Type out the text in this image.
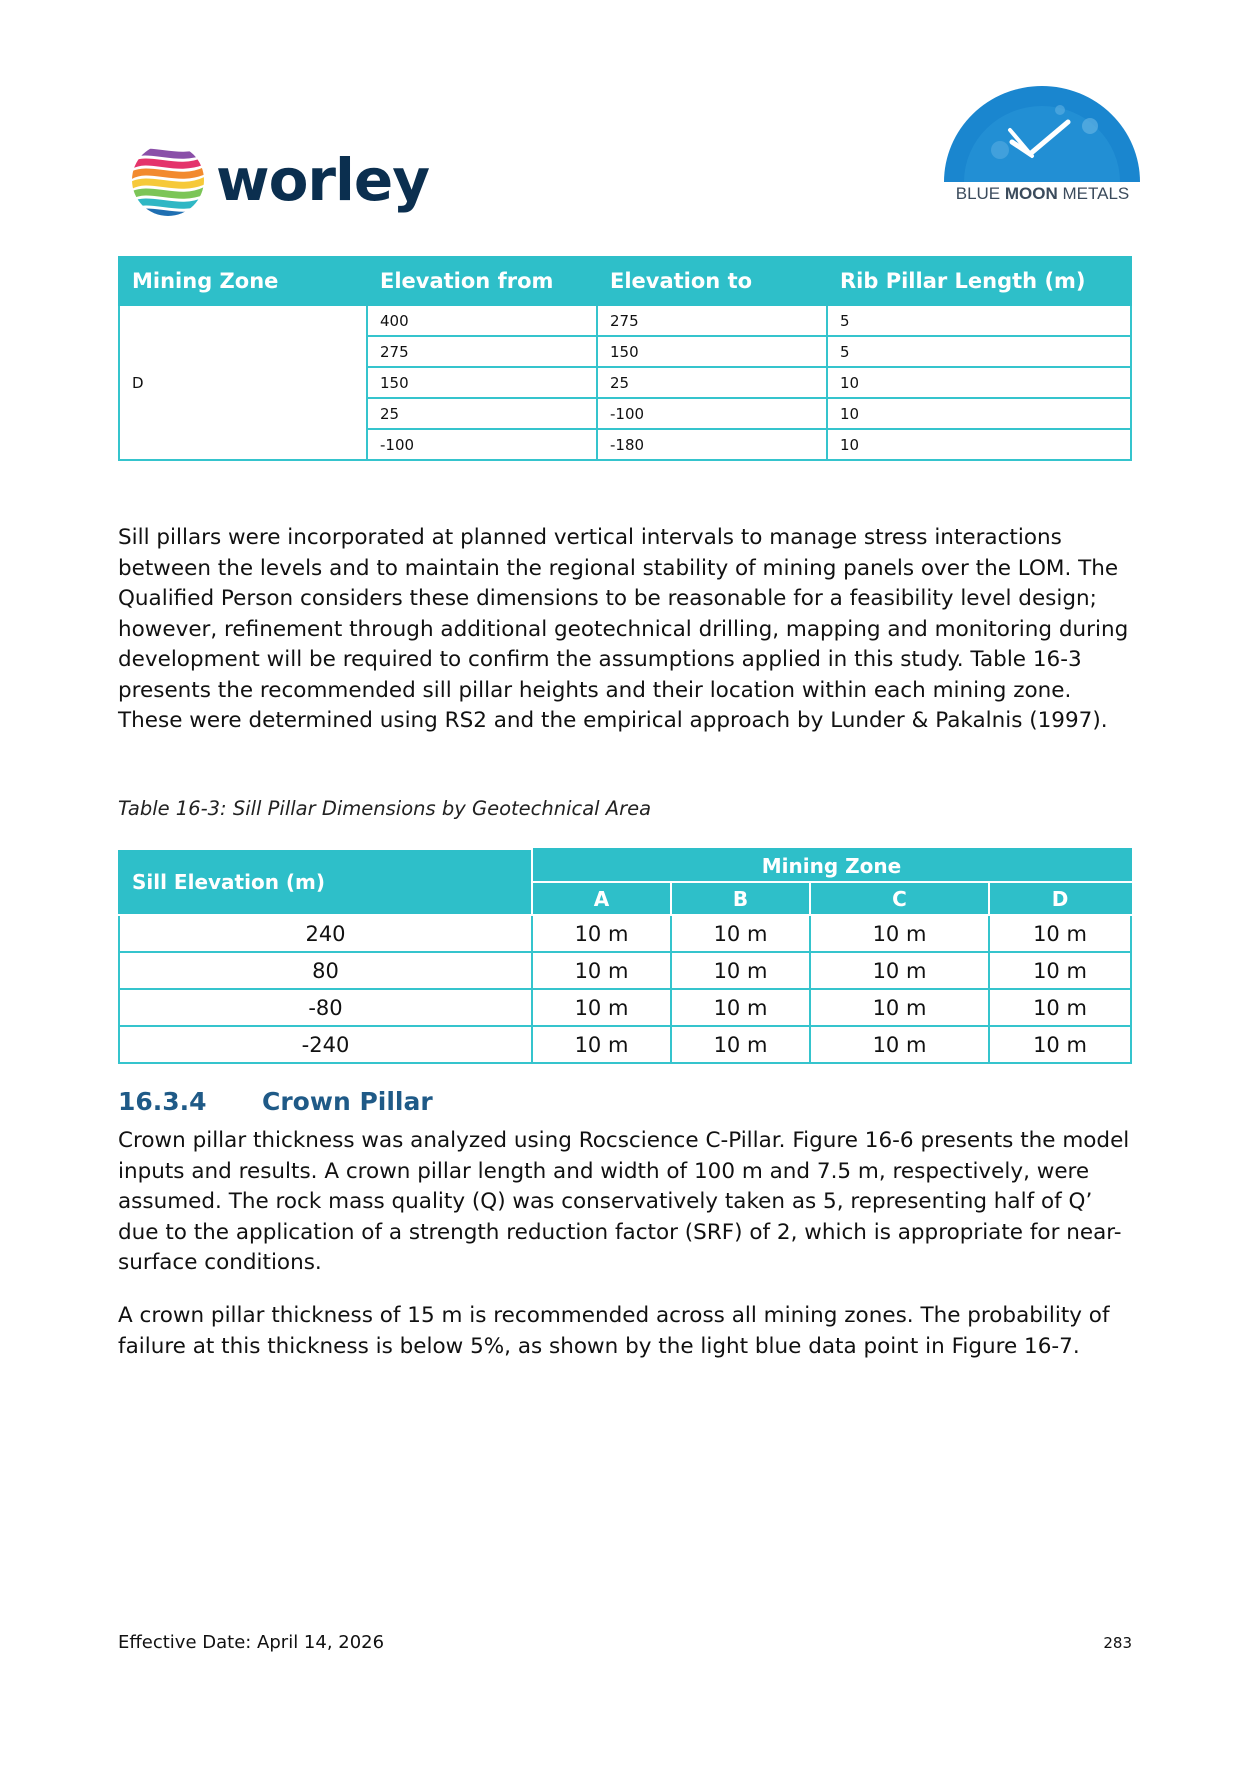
worley	BLUE MOON METALS
Mining Zone	Elevation from	Elevation to	Rib Pillar Length (m)
D	400	275	5
	275	150	5
	150	25	10
	25	-100	10
	-100	-180	10

Sill pillars were incorporated at planned vertical intervals to manage stress interactions between the levels and to maintain the regional stability of mining panels over the LOM. The Qualified Person considers these dimensions to be reasonable for a feasibility level design; however, refinement through additional geotechnical drilling, mapping and monitoring during development will be required to confirm the assumptions applied in this study. Table 16-3 presents the recommended sill pillar heights and their location within each mining zone. These were determined using RS2 and the empirical approach by Lunder & Pakalnis (1997).

Table 16-3: Sill Pillar Dimensions by Geotechnical Area
Sill Elevation (m)	Mining Zone			
	A	B	C	D
240	10 m	10 m	10 m	10 m
80	10 m	10 m	10 m	10 m
-80	10 m	10 m	10 m	10 m
-240	10 m	10 m	10 m	10 m
16.3.4 Crown Pillar

Crown pillar thickness was analyzed using Rocscience C-Pillar. Figure 16-6 presents the model inputs and results. A crown pillar length and width of 100 m and 7.5 m, respectively, were assumed. The rock mass quality (Q) was conservatively taken as 5, representing half of Q’ due to the application of a strength reduction factor (SRF) of 2, which is appropriate for near-surface conditions.

A crown pillar thickness of 15 m is recommended across all mining zones. The probability of failure at this thickness is below 5%, as shown by the light blue data point in Figure 16-7.

Effective Date: April 14, 2026	283
